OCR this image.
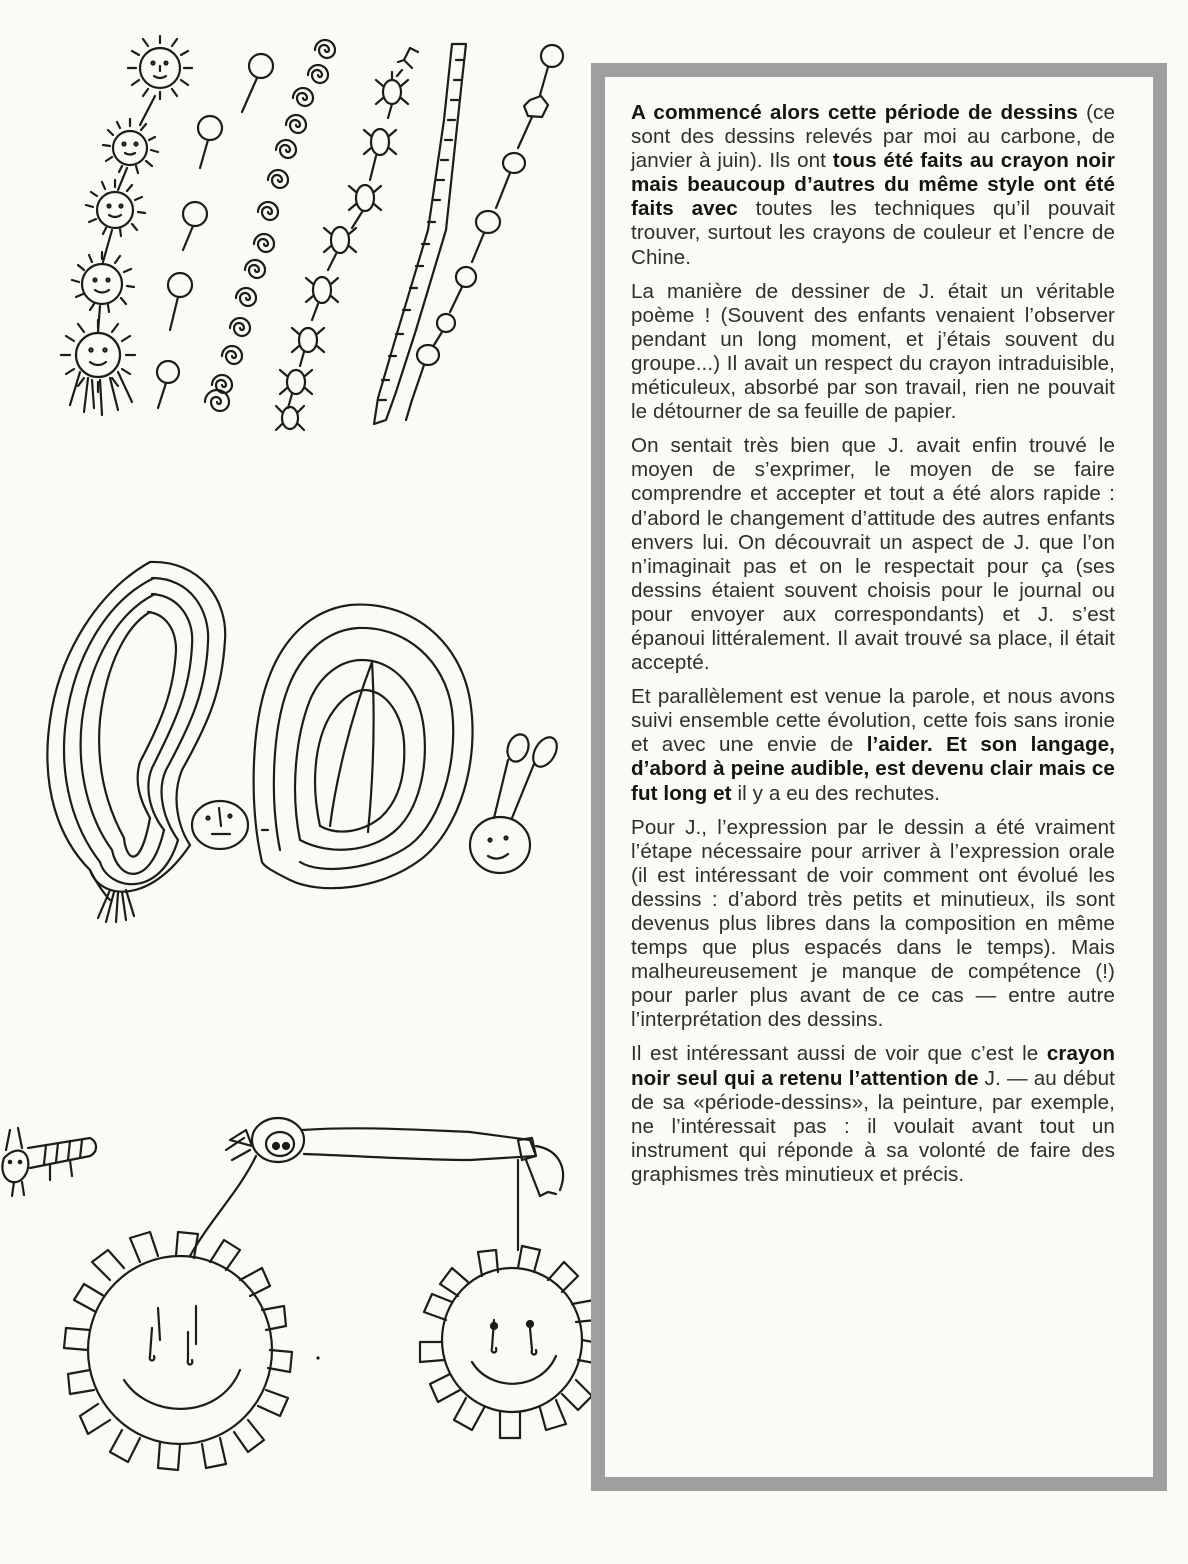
A commencé alors cette période de dessins (ce sont des dessins relevés par moi au carbone, de janvier à juin). Ils ont tous été faits au crayon noir mais beaucoup d’autres du même style ont été faits avec toutes les techniques qu’il pouvait trouver, surtout les crayons de couleur et l’encre de Chine.

La manière de dessiner de J. était un véritable poème ! (Souvent des enfants venaient l’observer pendant un long moment, et j’étais souvent du groupe...) Il avait un respect du crayon intraduisible, méticuleux, absorbé par son travail, rien ne pouvait le détourner de sa feuille de papier.

On sentait très bien que J. avait enfin trouvé le moyen de s’exprimer, le moyen de se faire comprendre et accepter et tout a été alors rapide : d’abord le changement d’attitude des autres enfants envers lui. On découvrait un aspect de J. que l’on n’imaginait pas et on le respectait pour ça (ses dessins étaient souvent choisis pour le journal ou pour envoyer aux correspondants) et J. s’est épanoui littéralement. Il avait trouvé sa place, il était accepté.

Et parallèlement est venue la parole, et nous avons suivi ensemble cette évolution, cette fois sans ironie et avec une envie de l’aider. Et son langage, d’abord à peine audible, est devenu clair mais ce fut long et il y a eu des rechutes.

Pour J., l’expression par le dessin a été vraiment l’étape nécessaire pour arriver à l’expression orale (il est intéressant de voir comment ont évolué les dessins : d’abord très petits et minutieux, ils sont devenus plus libres dans la composition en même temps que plus espacés dans le temps). Mais malheureusement je manque de compétence (!) pour parler plus avant de ce cas — entre autre l’interprétation des dessins.

Il est intéressant aussi de voir que c’est le crayon noir seul qui a retenu l’attention de J. — au début de sa «période-dessins», la peinture, par exemple, ne l’intéressait pas : il voulait avant tout un instrument qui réponde à sa volonté de faire des graphismes très minutieux et précis.
